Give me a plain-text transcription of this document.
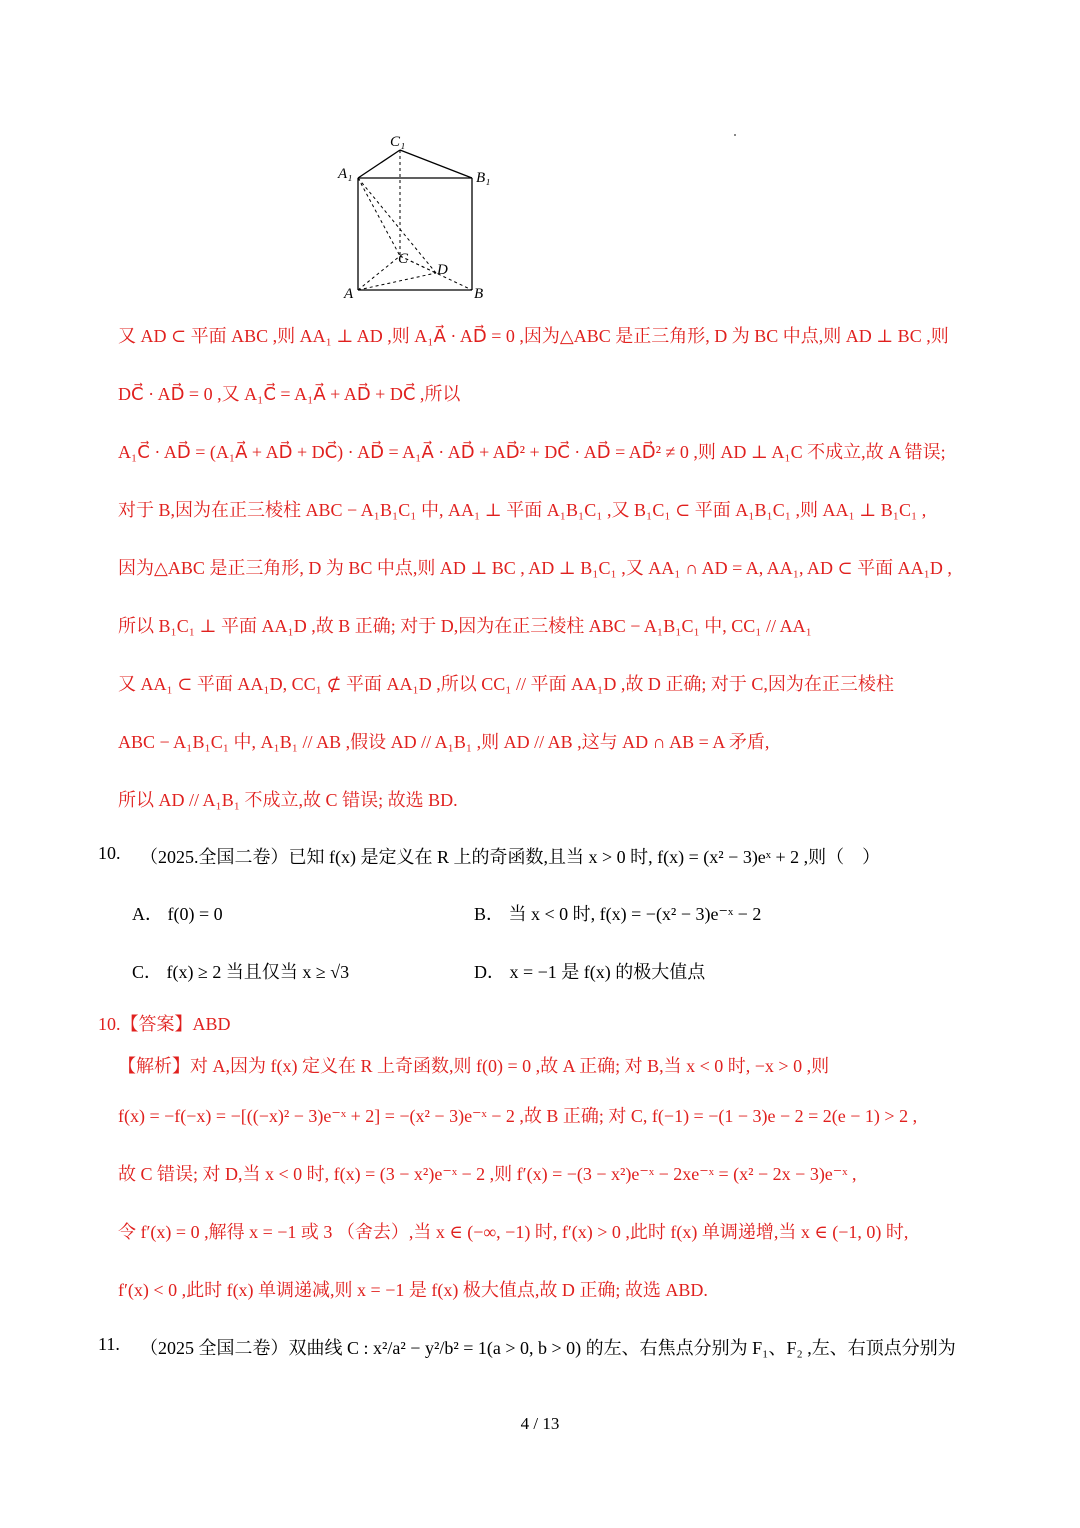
C₁
A₁	B₁
C
D
A	B
又 AD ⊂ 平面 ABC ,则 AA₁ ⊥ AD ,则 A₁A⃗ · AD⃗ = 0 ,因为△ABC 是正三角形, D 为 BC 中点,则 AD ⊥ BC ,则
DC⃗ · AD⃗ = 0 ,又 A₁C⃗ = A₁A⃗ + AD⃗ + DC⃗ ,所以
A₁C⃗ · AD⃗ = (A₁A⃗ + AD⃗ + DC⃗) · AD⃗ = A₁A⃗ · AD⃗ + AD⃗² + DC⃗ · AD⃗ = AD⃗² ≠ 0 ,则 AD ⊥ A₁C 不成立,故 A 错误;
对于 B,因为在正三棱柱 ABC − A₁B₁C₁ 中, AA₁ ⊥ 平面 A₁B₁C₁ ,又 B₁C₁ ⊂ 平面 A₁B₁C₁ ,则 AA₁ ⊥ B₁C₁ ,
因为△ABC 是正三角形, D 为 BC 中点,则 AD ⊥ BC , AD ⊥ B₁C₁ ,又 AA₁ ∩ AD = A, AA₁, AD ⊂ 平面 AA₁D ,
所以 B₁C₁ ⊥ 平面 AA₁D ,故 B 正确; 对于 D,因为在正三棱柱 ABC − A₁B₁C₁ 中, CC₁ // AA₁
又 AA₁ ⊂ 平面 AA₁D, CC₁ ⊄ 平面 AA₁D ,所以 CC₁ // 平面 AA₁D ,故 D 正确; 对于 C,因为在正三棱柱
ABC − A₁B₁C₁ 中, A₁B₁ // AB ,假设 AD // A₁B₁ ,则 AD // AB ,这与 AD ∩ AB = A 矛盾,
所以 AD // A₁B₁ 不成立,故 C 错误; 故选 BD.
10. （2025.全国二卷）已知 f(x) 是定义在 R 上的奇函数,且当 x > 0 时, f(x) = (x² − 3)eˣ + 2 ,则（　）
A． f(0) = 0	B． 当 x < 0 时, f(x) = −(x² − 3)e⁻ˣ − 2
C． f(x) ≥ 2 当且仅当 x ≥ √3	D． x = −1 是 f(x) 的极大值点
10.【答案】ABD
【解析】对 A,因为 f(x) 定义在 R 上奇函数,则 f(0) = 0 ,故 A 正确; 对 B,当 x < 0 时, −x > 0 ,则
f(x) = −f(−x) = −[((−x)² − 3)e⁻ˣ + 2] = −(x² − 3)e⁻ˣ − 2 ,故 B 正确; 对 C, f(−1) = −(1 − 3)e − 2 = 2(e − 1) > 2 ,
故 C 错误; 对 D,当 x < 0 时, f(x) = (3 − x²)e⁻ˣ − 2 ,则 f′(x) = −(3 − x²)e⁻ˣ − 2xe⁻ˣ = (x² − 2x − 3)e⁻ˣ ,
令 f′(x) = 0 ,解得 x = −1 或 3 （舍去）,当 x ∈ (−∞, −1) 时, f′(x) > 0 ,此时 f(x) 单调递增,当 x ∈ (−1, 0) 时,
f′(x) < 0 ,此时 f(x) 单调递减,则 x = −1 是 f(x) 极大值点,故 D 正确; 故选 ABD.
11. （2025 全国二卷）双曲线 C : x²/a² − y²/b² = 1(a > 0, b > 0) 的左、右焦点分别为 F₁、F₂ ,左、右顶点分别为
4 / 13
